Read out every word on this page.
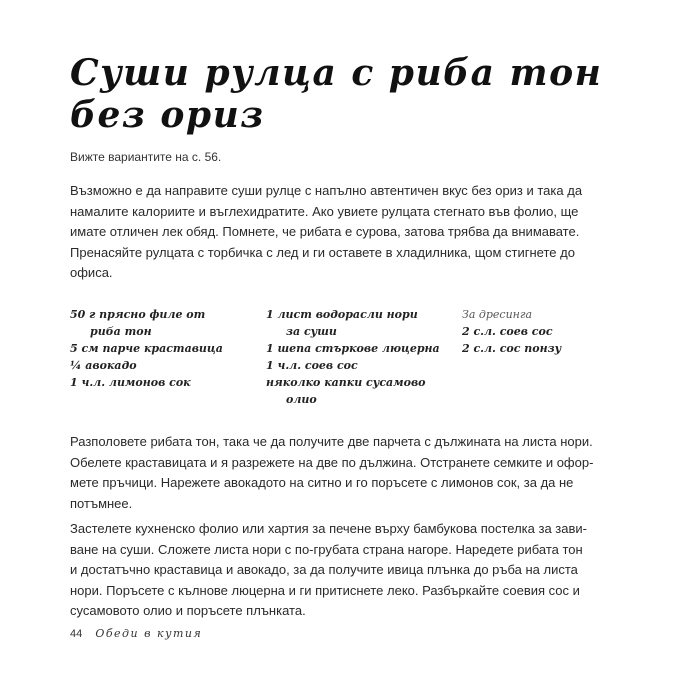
Суши рулца с риба тон
без ориз

Вижте вариантите на с. 56.

Възможно е да направите суши рулце с напълно автентичен вкус без ориз и така да
намалите калориите и въглехидратите. Ако увиете рулцата стегнато във фолио, ще
имате отличен лек обяд. Помнете, че рибата е сурова, затова трябва да внимавате.
Пренасяйте рулцата с торбичка с лед и ги оставете в хладилника, щом стигнете до
офиса.

50 г прясно филе от
риба тон
5 см парче краставица
¼ авокадо
1 ч.л. лимонов сок
1 лист водорасли нори
за суши
1 шепа стъркове люцерна
1 ч.л. соев сос
няколко капки сусамово
олио
За дресинга
2 с.л. соев сос
2 с.л. сос понзу

Разполовете рибата тон, така че да получите две парчета с дължината на листа нори.
Обелете краставицата и я разрежете на две по дължина. Отстранете семките и офор-
мете пръчици. Нарежете авокадото на ситно и го поръсете с лимонов сок, за да не
потъмнее.

Застелете кухненско фолио или хартия за печене върху бамбукова постелка за зави-
ване на суши. Сложете листа нори с по-грубата страна нагоре. Наредете рибата тон
и достатъчно краставица и авокадо, за да получите ивица плънка до ръба на листа
нори. Поръсете с кълнове люцерна и ги притиснете леко. Разбъркайте соевия сос и
сусамовото олио и поръсете плънката.

44 Обеди в кутия
